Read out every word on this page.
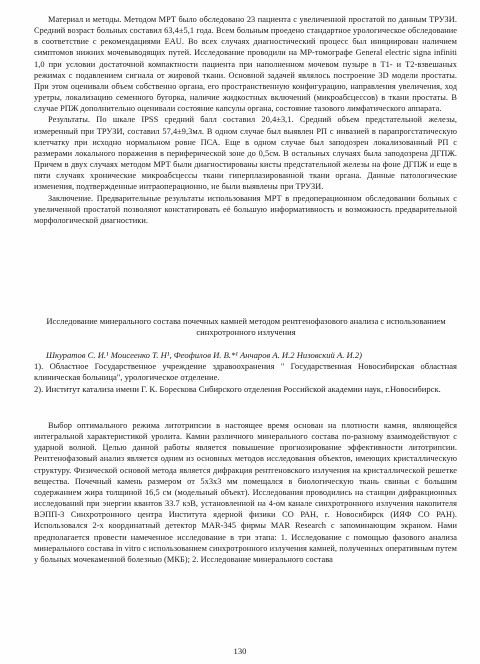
Материал и методы. Методом МРТ было обследовано 23 пациента с увеличенной простатой по данным ТРУЗИ. Средний возраст больных составил 63,4±5,1 года. Всем больным проедено стандартное урологическое обследование в соответствие с рекомендациями EAU. Во всех случаях диагностический процесс был инициирован наличием симптомов нижних мочевыводящих путей. Исследование проводили на МР-томографе General electric signa infiniti 1,0 при условии достаточной компактности пациента при наполненном мочевом пузыре в Т1- и Т2-взвешаных режимах с подавлением сигнала от жировой ткани. Основной задачей являлось построение 3D модели простаты. При этом оценивали объем собственно органа, его пространственную конфигурацию, направления увеличения, ход уретры, локализацию семенного бугорка, наличие жидкостных включений (микроабсцессов) в ткани простаты. В случае РПЖ дополнительно оценивали состояние капсулы органа, состояние тазового лимфатического аппарата.

Результаты. По шкале IPSS средний балл составил 20,4±3,1. Средний объем предстательной железы, измеренный при ТРУЗИ, составил 57,4±9,3мл. В одном случае был выявлен РП с инвазией в парапрогстатическую клетчатку при исходно нормальном ровне ПСА. Еще в одном случае был заподозрен локализованный РП с размерами локального поражения в периферической зоне до 0,5см. В остальных случаях была заподозрена ДГПЖ. Причем в двух случаях методом МРТ были диагностированы кисты предстательной железы на фоне ДГПЖ и еще в пяти случаях хронические микроабсцессы ткани гиперплазированной ткани органа. Данные патологические изменения, подтвержденные интраоперационно, не были выявлены при ТРУЗИ.

Заключение. Предварительные результаты использования МРТ в предоперационном обследовании больных с увеличенной простатой позволяют констатировать её большую информативность и возможность предварительной морфологической диагностики.

Исследование минерального состава почечных камней методом рентгенофазового анализа с использованием синхротронного излучения

Шкуратов С. И.¹ Моисеенко Т. Н¹, Феофилов И. В.*¹ Анчаров А. И.2 Низовский А. И.2)

1). Областное Государственное учреждение здравоохранения " Государственная Новосибирская областная клиническая больница", урологическое отделение.

2). Институт катализа имени Г. К. Борескова Сибирского отделения Российской академии наук, г.Новосибирск.

Выбор оптимального режима литотрипсии в настоящее время основан на плотности камня, являющейся интегральной характеристикой уролита. Камни различного минерального состава по-разному взаимодействуют с ударной волной. Целью данной работы является повышение прогнозирование эффективности литотрипсии. Рентгенофазовый анализ является одним из основных методов исследования объектов, имеющих кристаллическую структуру. Физической основой метода является дифракция рентгеновского излучения на кристаллической решетке вещества. Почечный камень размером от 5х3х3 мм помещался в биологическую ткань свиньи с большим содержанием жира толщиной 16,5 см (модельный объект). Исследования проводились на станции дифракционных исследований при энергии квантов 33.7 кэВ, установленной на 4-ом канале синхротронного излучения накопителя ВЭПП-3 Синхротронного центра Института ядерной физики СО РАН, г. Новосибирск (ИЯФ СО РАН). Использовался 2-х координатный детектор MAR-345 фирмы MAR Research с запоминающим экраном. Нами предполагается провести намеченное исследование в три этапа: 1. Исследование с помощью фазового анализа минерального состава in vitro с использованием синхротронного излучения камней, полученных оперативным путем у больных мочекаменной болезнью (МКБ); 2. Исследование минерального состава

130
